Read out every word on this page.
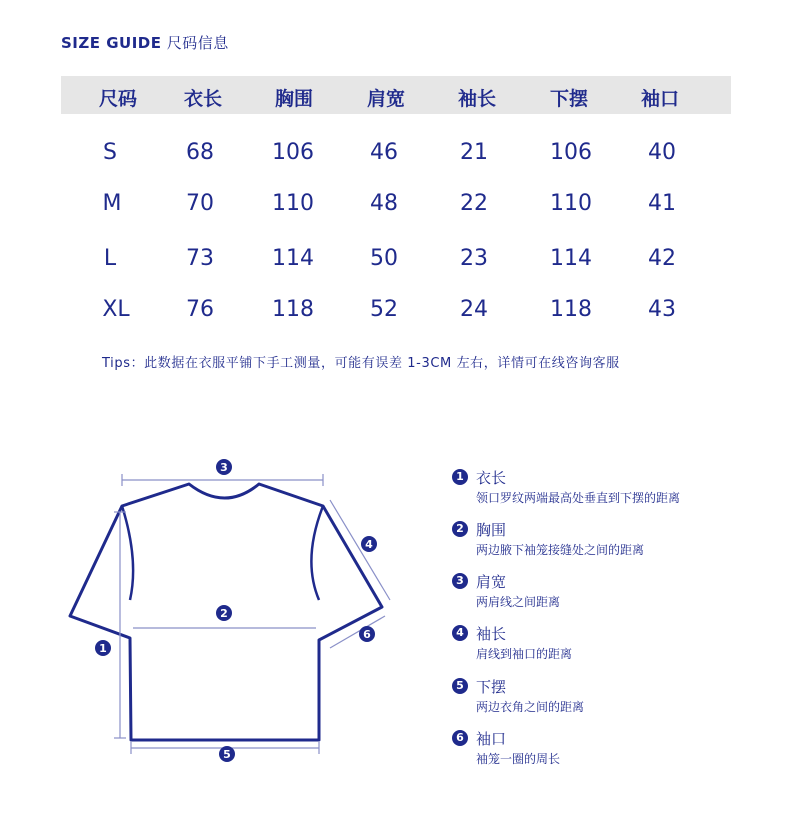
SIZE GUIDE 尺码信息
尺码 衣长	胸围	肩宽	袖长	下摆	袖口
S	68	106	46	21	106	40
M	70	110	48	22	110	41
L	73	114	50	23	114	42
XL	76	118	52	24	118	43
Tips：此数据在衣服平铺下手工测量，可能有误差 1-3CM 左右，详情可在线咨询客服
3
2
1
5
4
6
1 衣长
领口罗纹两端最高处垂直到下摆的距离
2 胸围
两边腋下袖笼接缝处之间的距离
3 肩宽
两肩线之间距离
4 袖长
肩线到袖口的距离
5 下摆
两边衣角之间的距离
6 袖口
袖笼一圈的周长
